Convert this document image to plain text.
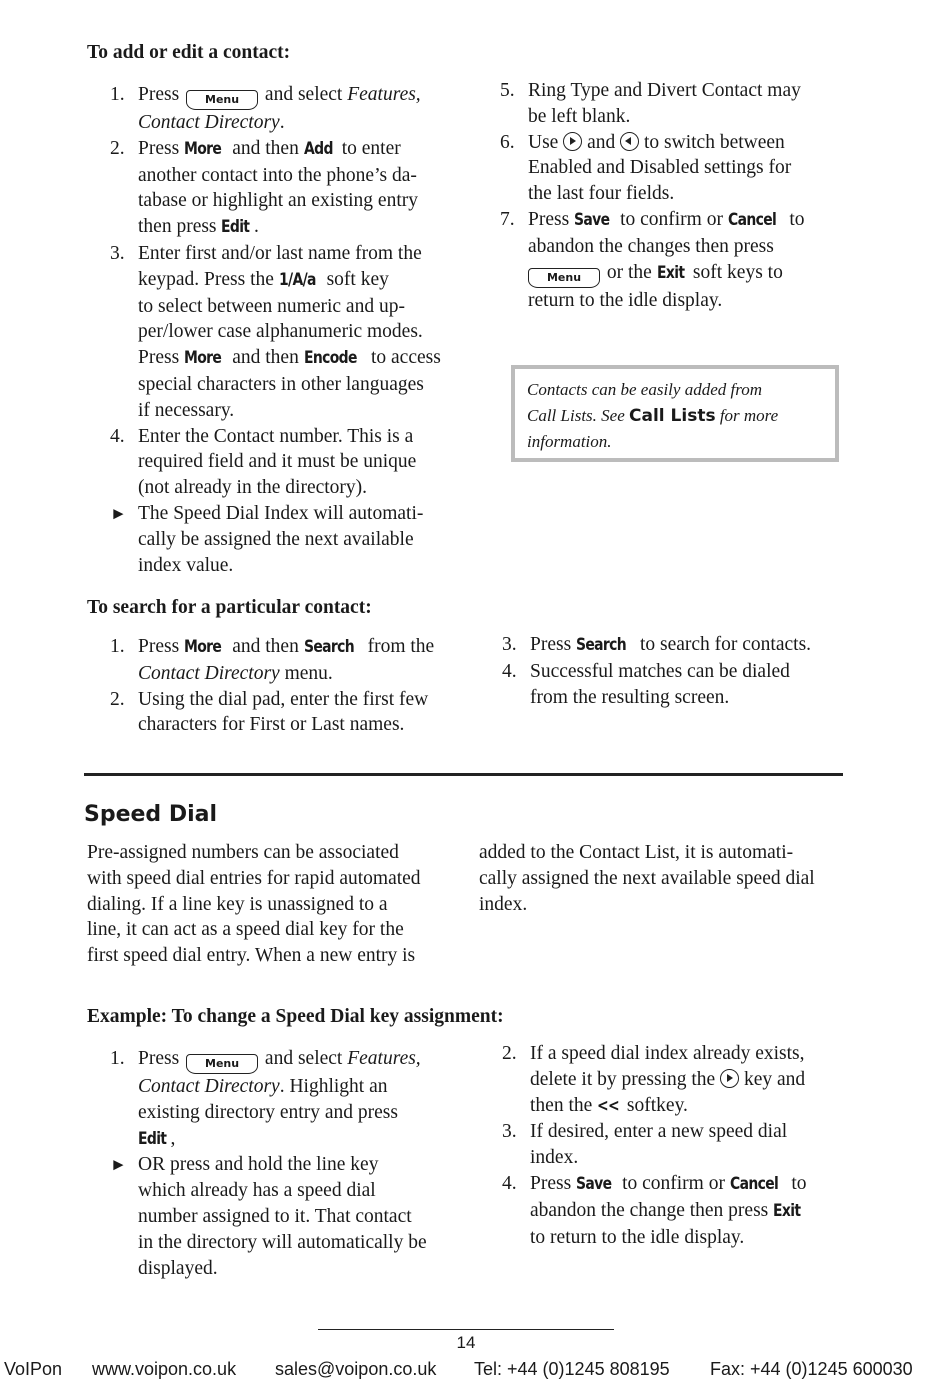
To add or edit a contact:
1. Press Menu and select Features,
Contact Directory.
2. Press More and then Add to enter
another contact into the phone’s da-
tabase or highlight an existing entry
then press Edit .
3. Enter first and/or last name from the
keypad. Press the 1/A/a soft key
to select between numeric and up-
per/lower case alphanumeric modes.
Press More and then Encode to access
special characters in other languages
if necessary.
4. Enter the Contact number. This is a
required field and it must be unique
(not already in the directory).
► The Speed Dial Index will automati-
cally be assigned the next available
index value.
5. Ring Type and Divert Contact may
be left blank.
6. Use and to switch between
Enabled and Disabled settings for
the last four fields.
7. Press Save to confirm or Cancel to
abandon the changes then press
Menu or the Exit soft keys to
return to the idle display.
Contacts can be easily added from
Call Lists. See Call Lists for more
information.
To search for a particular contact:
1. Press More and then Search from the
Contact Directory menu.
2. Using the dial pad, enter the first few
characters for First or Last names.
3. Press Search to search for contacts.
4. Successful matches can be dialed
from the resulting screen.
Speed Dial
Pre-assigned numbers can be associated
with speed dial entries for rapid automated
dialing. If a line key is unassigned to a
line, it can act as a speed dial key for the
first speed dial entry. When a new entry is
added to the Contact List, it is automati-
cally assigned the next available speed dial
index.
Example: To change a Speed Dial key assignment:
1. Press Menu and select Features,
Contact Directory. Highlight an
existing directory entry and press
Edit ,
► OR press and hold the line key
which already has a speed dial
number assigned to it. That contact
in the directory will automatically be
displayed.
2. If a speed dial index already exists,
delete it by pressing the key and
then the << softkey.
3. If desired, enter a new speed dial
index.
4. Press Save to confirm or Cancel to
abandon the change then press Exit
to return to the idle display.
14
VoIPon www.voipon.co.uk sales@voipon.co.uk Tel: +44 (0)1245 808195 Fax: +44 (0)1245 600030
